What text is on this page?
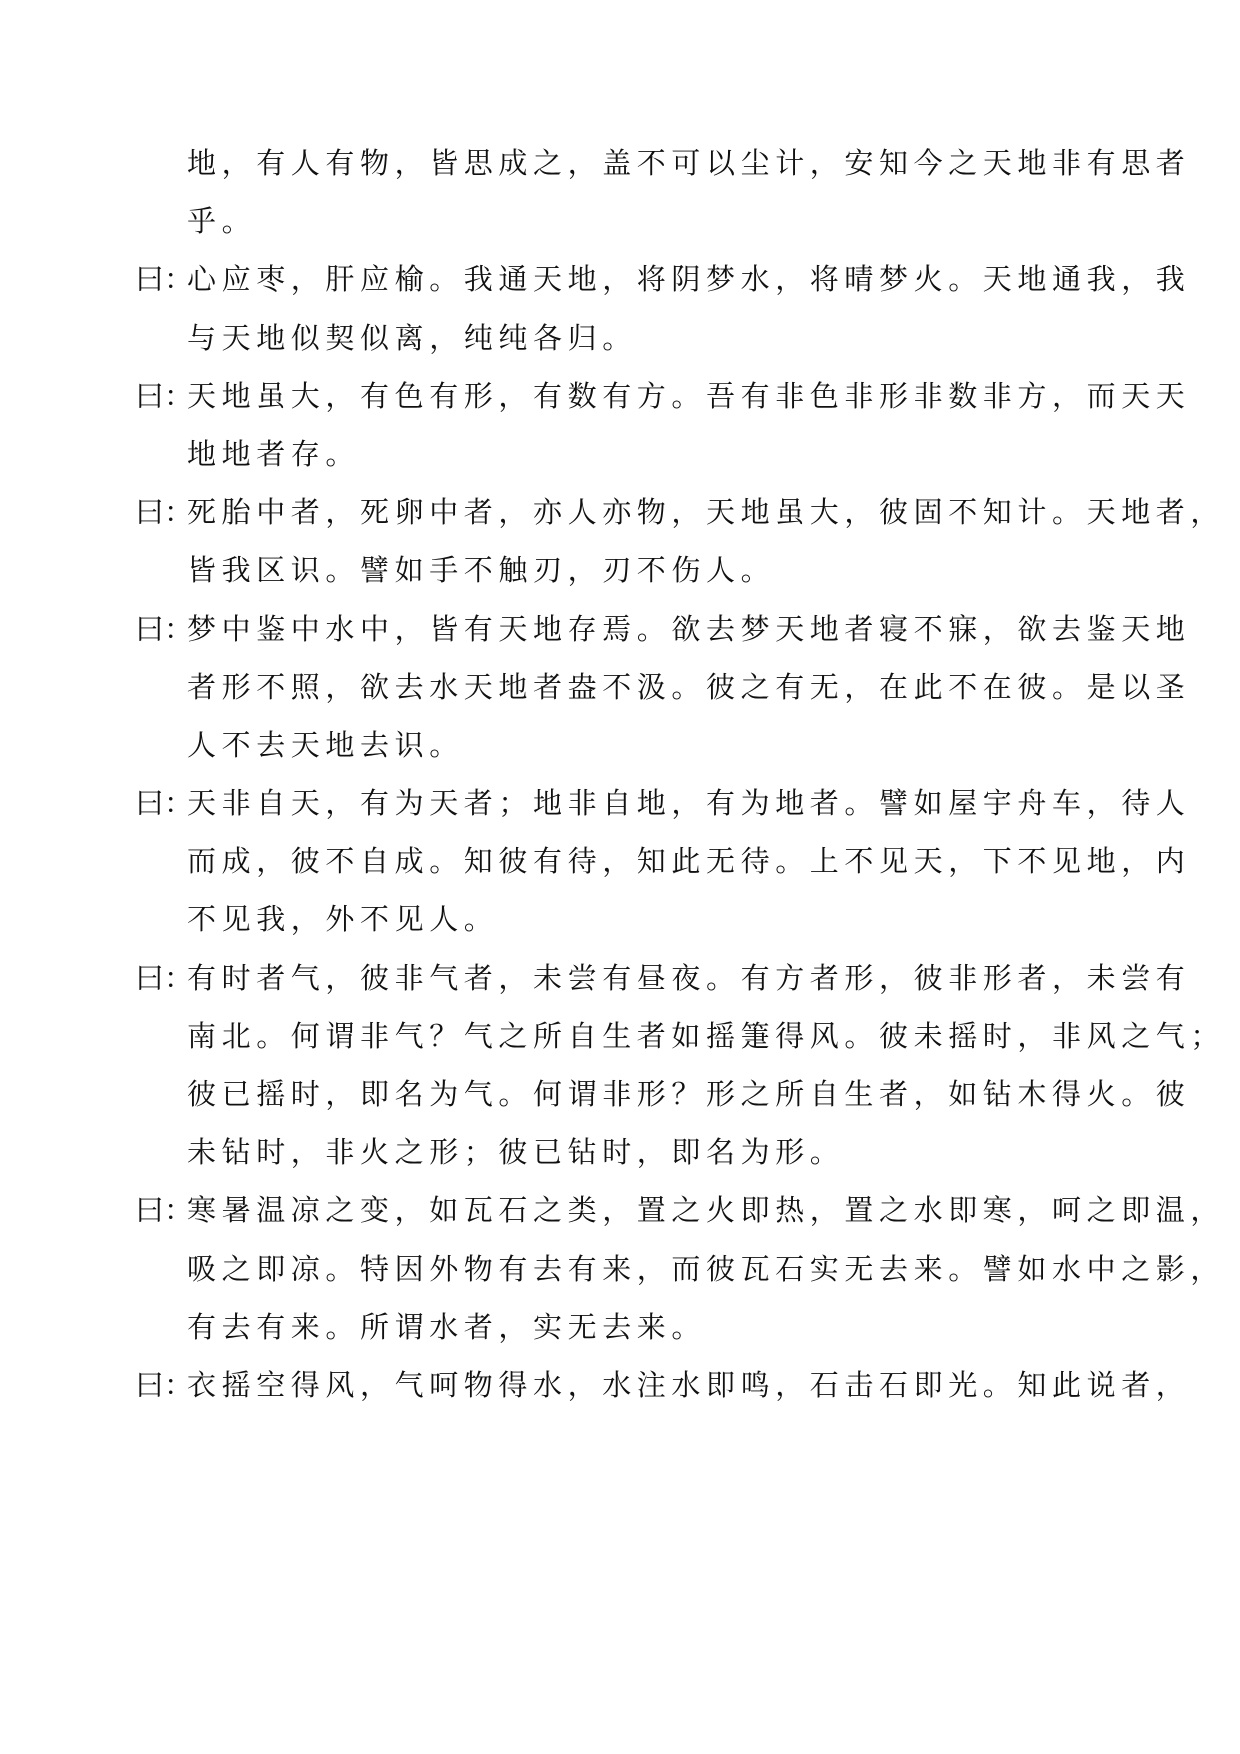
地，有人有物，皆思成之，盖不可以尘计，安知今之天地非有思者
乎。
曰：
心应枣，肝应榆。我通天地，将阴梦水，将晴梦火。天地通我，我
与天地似契似离，纯纯各归。
曰：
天地虽大，有色有形，有数有方。吾有非色非形非数非方，而天天
地地者存。
曰：
死胎中者，死卵中者，亦人亦物，天地虽大，彼固不知计。天地者，
皆我区识。譬如手不触刃，刃不伤人。
曰：
梦中鉴中水中，皆有天地存焉。欲去梦天地者寝不寐，欲去鉴天地
者形不照，欲去水天地者盎不汲。彼之有无，在此不在彼。是以圣
人不去天地去识。
曰：
天非自天，有为天者；地非自地，有为地者。譬如屋宇舟车，待人
而成，彼不自成。知彼有待，知此无待。上不见天，下不见地，内
不见我，外不见人。
曰：
有时者气，彼非气者，未尝有昼夜。有方者形，彼非形者，未尝有
南北。何谓非气？气之所自生者如摇箑得风。彼未摇时，非风之气；
彼已摇时，即名为气。何谓非形？形之所自生者，如钻木得火。彼
未钻时，非火之形；彼已钻时，即名为形。
曰：
寒暑温凉之变，如瓦石之类，置之火即热，置之水即寒，呵之即温，
吸之即凉。特因外物有去有来，而彼瓦石实无去来。譬如水中之影，
有去有来。所谓水者，实无去来。
曰：
衣摇空得风，气呵物得水，水注水即鸣，石击石即光。知此说者，
